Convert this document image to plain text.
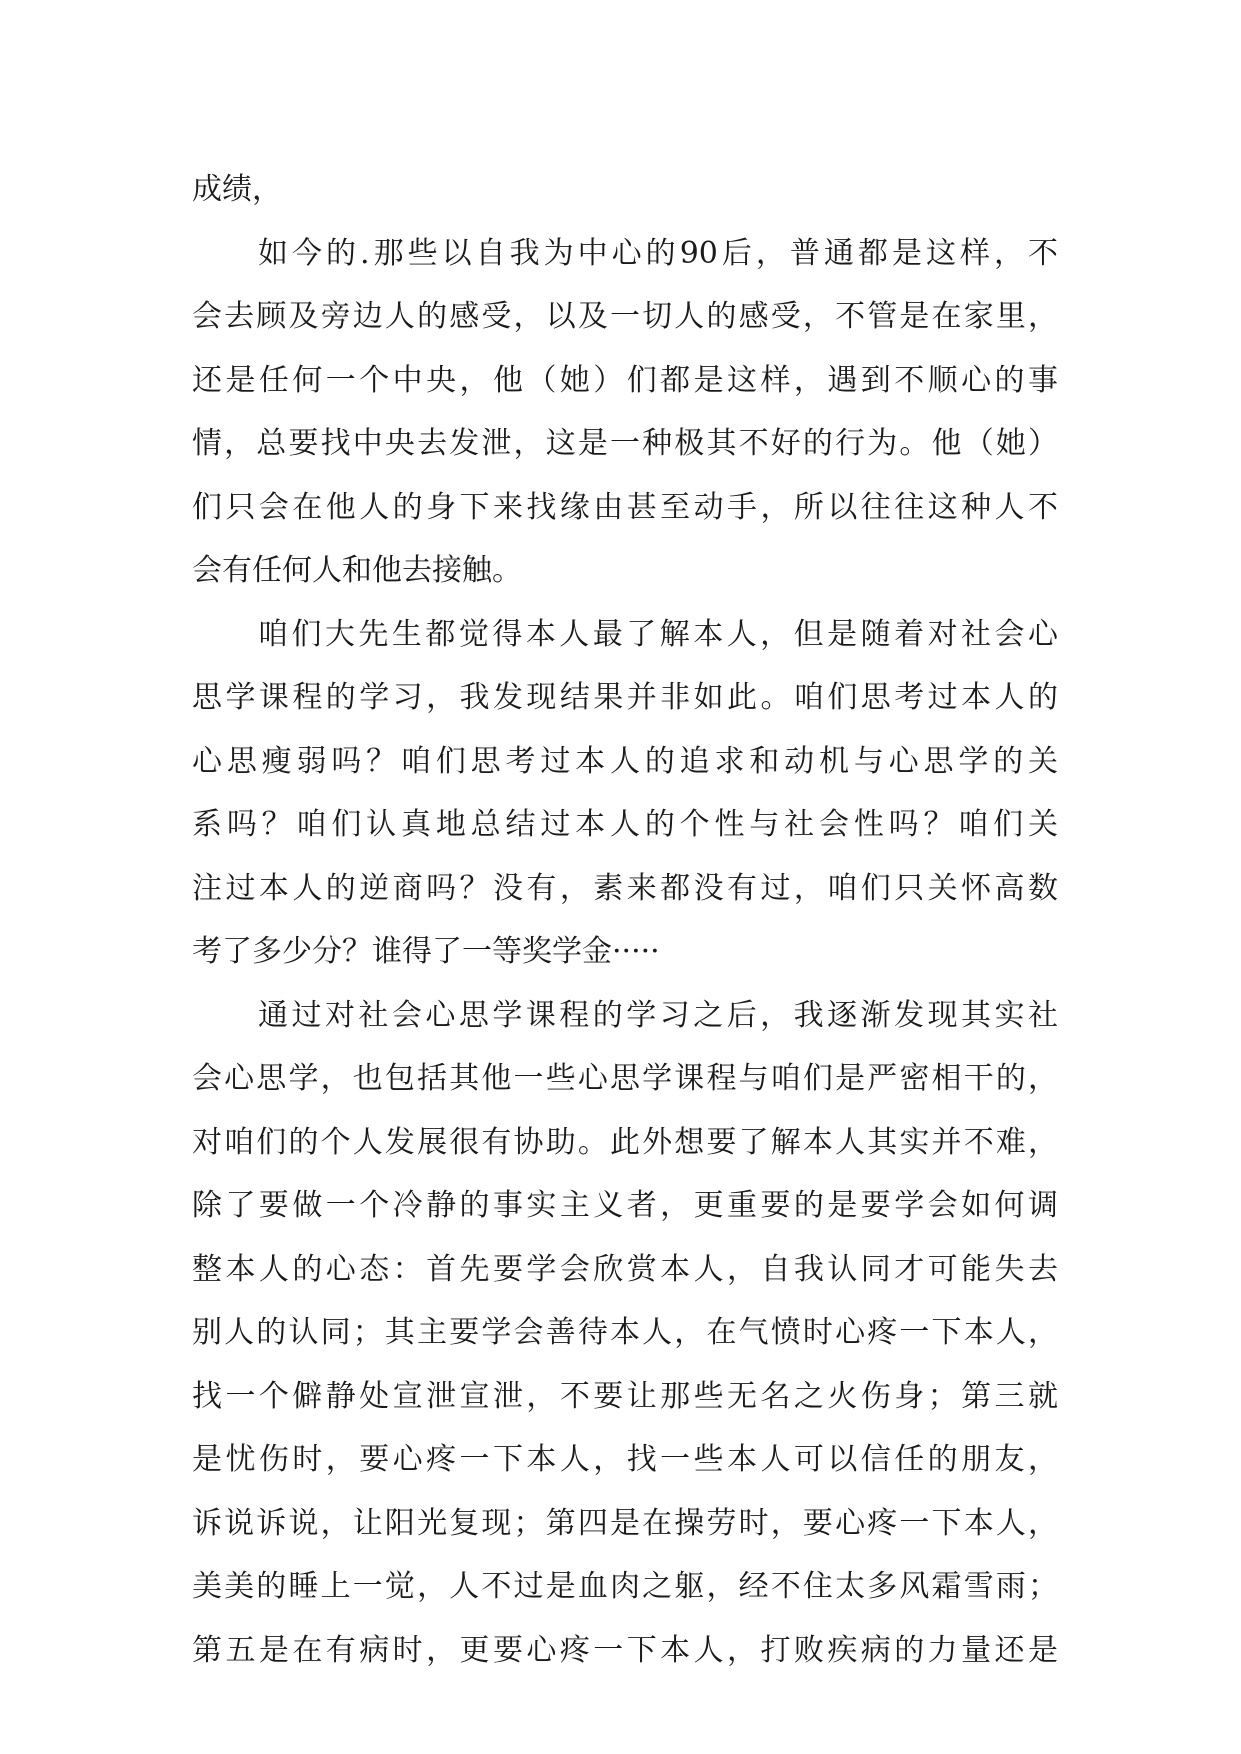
成绩，
如今的.那些以自我为中心的90后，普通都是这样，不
会去顾及旁边人的感受，以及一切人的感受，不管是在家里，
还是任何一个中央，他（她）们都是这样，遇到不顺心的事
情，总要找中央去发泄，这是一种极其不好的行为。他（她）
们只会在他人的身下来找缘由甚至动手，所以往往这种人不
会有任何人和他去接触。
咱们大先生都觉得本人最了解本人，但是随着对社会心
思学课程的学习，我发现结果并非如此。咱们思考过本人的
心思瘦弱吗？咱们思考过本人的追求和动机与心思学的关
系吗？咱们认真地总结过本人的个性与社会性吗？咱们关
注过本人的逆商吗？没有，素来都没有过，咱们只关怀高数
考了多少分？谁得了一等奖学金·····
通过对社会心思学课程的学习之后，我逐渐发现其实社
会心思学，也包括其他一些心思学课程与咱们是严密相干的，
对咱们的个人发展很有协助。此外想要了解本人其实并不难，
除了要做一个冷静的事实主义者，更重要的是要学会如何调
整本人的心态：首先要学会欣赏本人，自我认同才可能失去
别人的认同；其主要学会善待本人，在气愤时心疼一下本人，
找一个僻静处宣泄宣泄，不要让那些无名之火伤身；第三就
是忧伤时，要心疼一下本人，找一些本人可以信任的朋友，
诉说诉说，让阳光复现；第四是在操劳时，要心疼一下本人，
美美的睡上一觉，人不过是血肉之躯，经不住太多风霜雪雨；
第五是在有病时，更要心疼一下本人，打败疾病的力量还是
